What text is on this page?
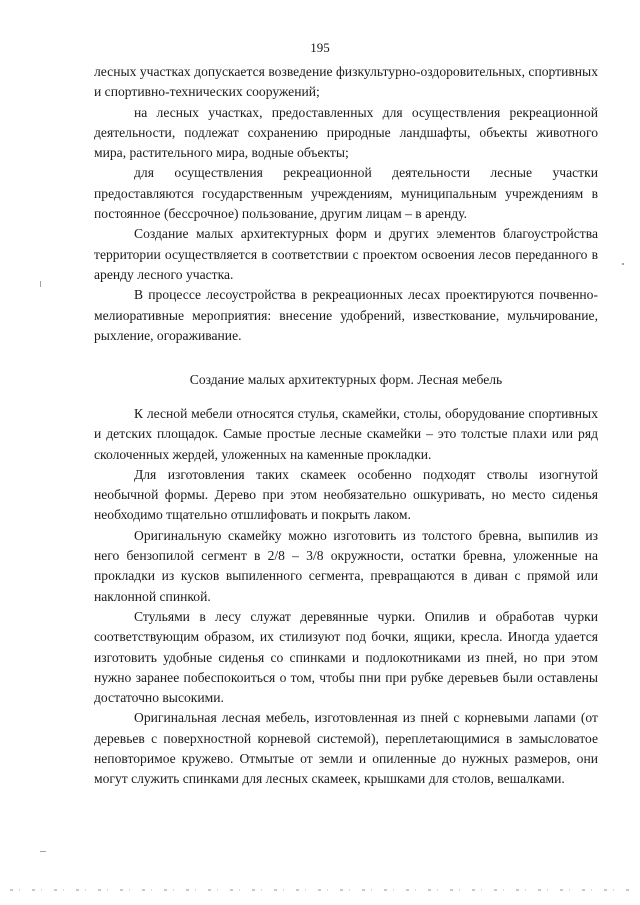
195

лесных участках допускается возведение физкультурно-оздоровительных, спортивных и спортивно-технических сооружений;

на лесных участках, предоставленных для осуществления рекреационной деятельности, подлежат сохранению природные ландшафты, объекты животного мира, растительного мира, водные объекты;

для осуществления рекреационной деятельности лесные участки предоставляются государственным учреждениям, муниципальным учреждениям в постоянное (бессрочное) пользование, другим лицам – в аренду.

Создание малых архитектурных форм и других элементов благоустройства территории осуществляется в соответствии с проектом освоения лесов переданного в аренду лесного участка.

В процессе лесоустройства в рекреационных лесах проектируются почвенно-мелиоративные мероприятия: внесение удобрений, известкование, мульчирование, рыхление, огораживание.

Создание малых архитектурных форм. Лесная мебель

К лесной мебели относятся стулья, скамейки, столы, оборудование спортивных и детских площадок. Самые простые лесные скамейки – это толстые плахи или ряд сколоченных жердей, уложенных на каменные прокладки.

Для изготовления таких скамеек особенно подходят стволы изогнутой необычной формы. Дерево при этом необязательно ошкуривать, но место сиденья необходимо тщательно отшлифовать и покрыть лаком.

Оригинальную скамейку можно изготовить из толстого бревна, выпилив из него бензопилой сегмент в 2/8 – 3/8 окружности, остатки бревна, уложенные на прокладки из кусков выпиленного сегмента, превращаются в диван с прямой или наклонной спинкой.

Стульями в лесу служат деревянные чурки. Опилив и обработав чурки соответствующим образом, их стилизуют под бочки, ящики, кресла. Иногда удается изготовить удобные сиденья со спинками и подлокотниками из пней, но при этом нужно заранее побеспокоиться о том, чтобы пни при рубке деревьев были оставлены достаточно высокими.

Оригинальная лесная мебель, изготовленная из пней с корневыми лапами (от деревьев с поверхностной корневой системой), переплетающимися в замысловатое неповторимое кружево. Отмытые от земли и опиленные до нужных размеров, они могут служить спинками для лесных скамеек, крышками для столов, вешалками.
